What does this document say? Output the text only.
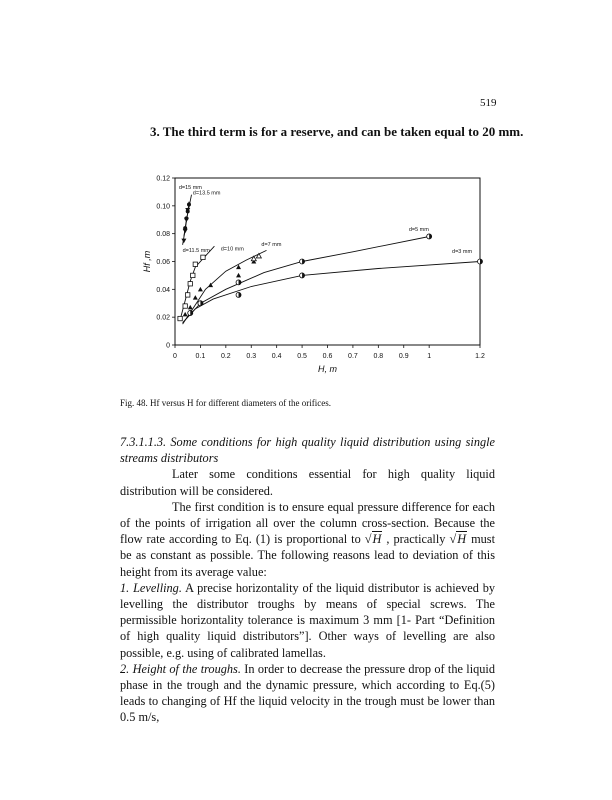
519
3. The third term is for a reserve, and can be taken equal to 20 mm.
0	0.1 0.2 0.3 0.4 0.5 0.6 0.7 0.8 0.9	1	1.2
0
0.02
0.04
0.06
0.08
0.10
0.12
H, m
Hf ,m
d=15 mm
d=13.5 mm
d=11.5 mm d=10 mm
d=7 mm
d=5 mm
d=3 mm
Fig. 48. Hf versus H for different diameters of the orifices.

7.3.1.1.3. Some conditions for high quality liquid distribution using single streams distributors

Later some conditions essential for high quality liquid distribution will be considered.

The first condition is to ensure equal pressure difference for each of the points of irrigation all over the column cross-section. Because the flow rate according to Eq. (1) is proportional to √H , practically √H must be as constant as possible. The following reasons lead to deviation of this height from its average value:

1. Levelling. A precise horizontality of the liquid distributor is achieved by levelling the distributor troughs by means of special screws. The permissible horizontality tolerance is maximum 3 mm [1- Part “Definition of high quality liquid distributors”]. Other ways of levelling are also possible, e.g. using of calibrated lamellas.

2. Height of the troughs. In order to decrease the pressure drop of the liquid phase in the trough and the dynamic pressure, which according to Eq.(5) leads to changing of Hf the liquid velocity in the trough must be lower than 0.5 m/s,
